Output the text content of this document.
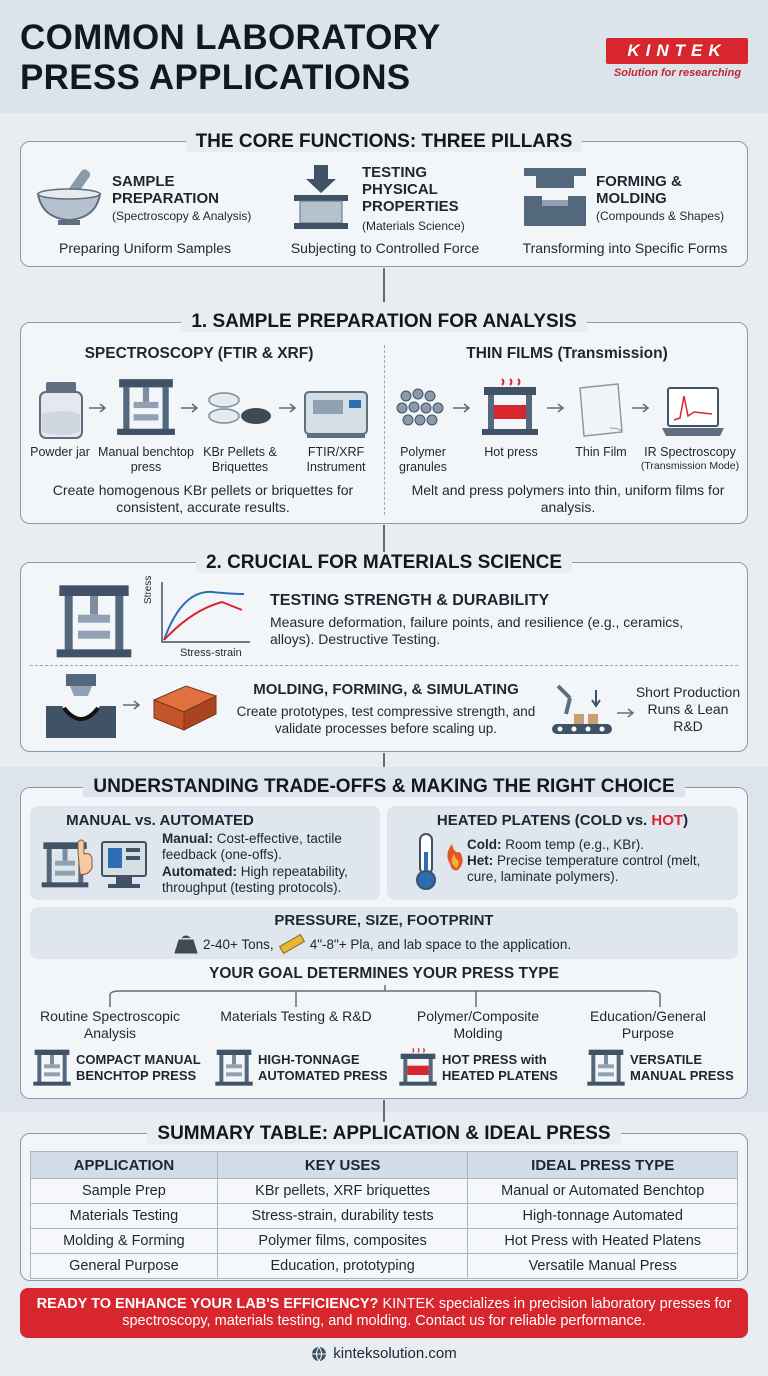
COMMON LABORATORY
PRESS APPLICATIONS
KINTEK
Solution for researching
THE CORE FUNCTIONS: THREE PILLARS
SAMPLE PREPARATION
(Spectroscopy & Analysis)
Preparing Uniform Samples
TESTING PHYSICAL PROPERTIES
(Materials Science)
Subjecting to Controlled Force
FORMING & MOLDING
(Compounds & Shapes)
Transforming into Specific Forms
1. SAMPLE PREPARATION FOR ANALYSIS
SPECTROSCOPY (FTIR & XRF)
Powder jar Manual benchtop press
KBr Pellets & Briquettes
FTIR/XRF Instrument
Create homogenous KBr pellets or briquettes for consistent, accurate results.
THIN FILMS (Transmission)
Polymer granules
Hot press	Thin Film	IR Spectroscopy
(Transmission Mode)
Melt and press polymers into thin, uniform films for analysis.
2. CRUCIAL FOR MATERIALS SCIENCE
Stress
Stress-strain
TESTING STRENGTH & DURABILITY
Measure deformation, failure points, and resilience (e.g., ceramics, alloys). Destructive Testing.
MOLDING, FORMING, & SIMULATING
Create prototypes, test compressive strength, and validate processes before scaling up.
Short Production Runs & Lean R&D
UNDERSTANDING TRADE-OFFS & MAKING THE RIGHT CHOICE
MANUAL vs. AUTOMATED
Manual: Cost-effective, tactile feedback (one-offs).
Automated: High repeatability, throughput (testing protocols).
HEATED PLATENS (COLD vs. HOT)
Cold: Room temp (e.g., KBr).
Het: Precise temperature control (melt, cure, laminate polymers).
PRESSURE, SIZE, FOOTPRINT
2-40+ Tons,	4"-8"+ Pla, and lab space to the application.
YOUR GOAL DETERMINES YOUR PRESS TYPE
Routine Spectroscopic Analysis
Materials Testing & R&D	Polymer/Composite Molding
Education/General Purpose
COMPACT MANUAL BENCHTOP PRESS
HIGH-TONNAGE AUTOMATED PRESS
HOT PRESS with HEATED PLATENS
VERSATILE MANUAL PRESS
SUMMARY TABLE: APPLICATION & IDEAL PRESS
APPLICATION	KEY USES	IDEAL PRESS TYPE
Sample Prep	KBr pellets, XRF briquettes	Manual or Automated Benchtop
Materials Testing	Stress-strain, durability tests	High-tonnage Automated
Molding & Forming	Polymer films, composites	Hot Press with Heated Platens
General Purpose	Education, prototyping	Versatile Manual Press
READY TO ENHANCE YOUR LAB'S EFFICIENCY? KINTEK specializes in precision laboratory presses for spectroscopy, materials testing, and molding. Contact us for reliable performance.
kinteksolution.com
